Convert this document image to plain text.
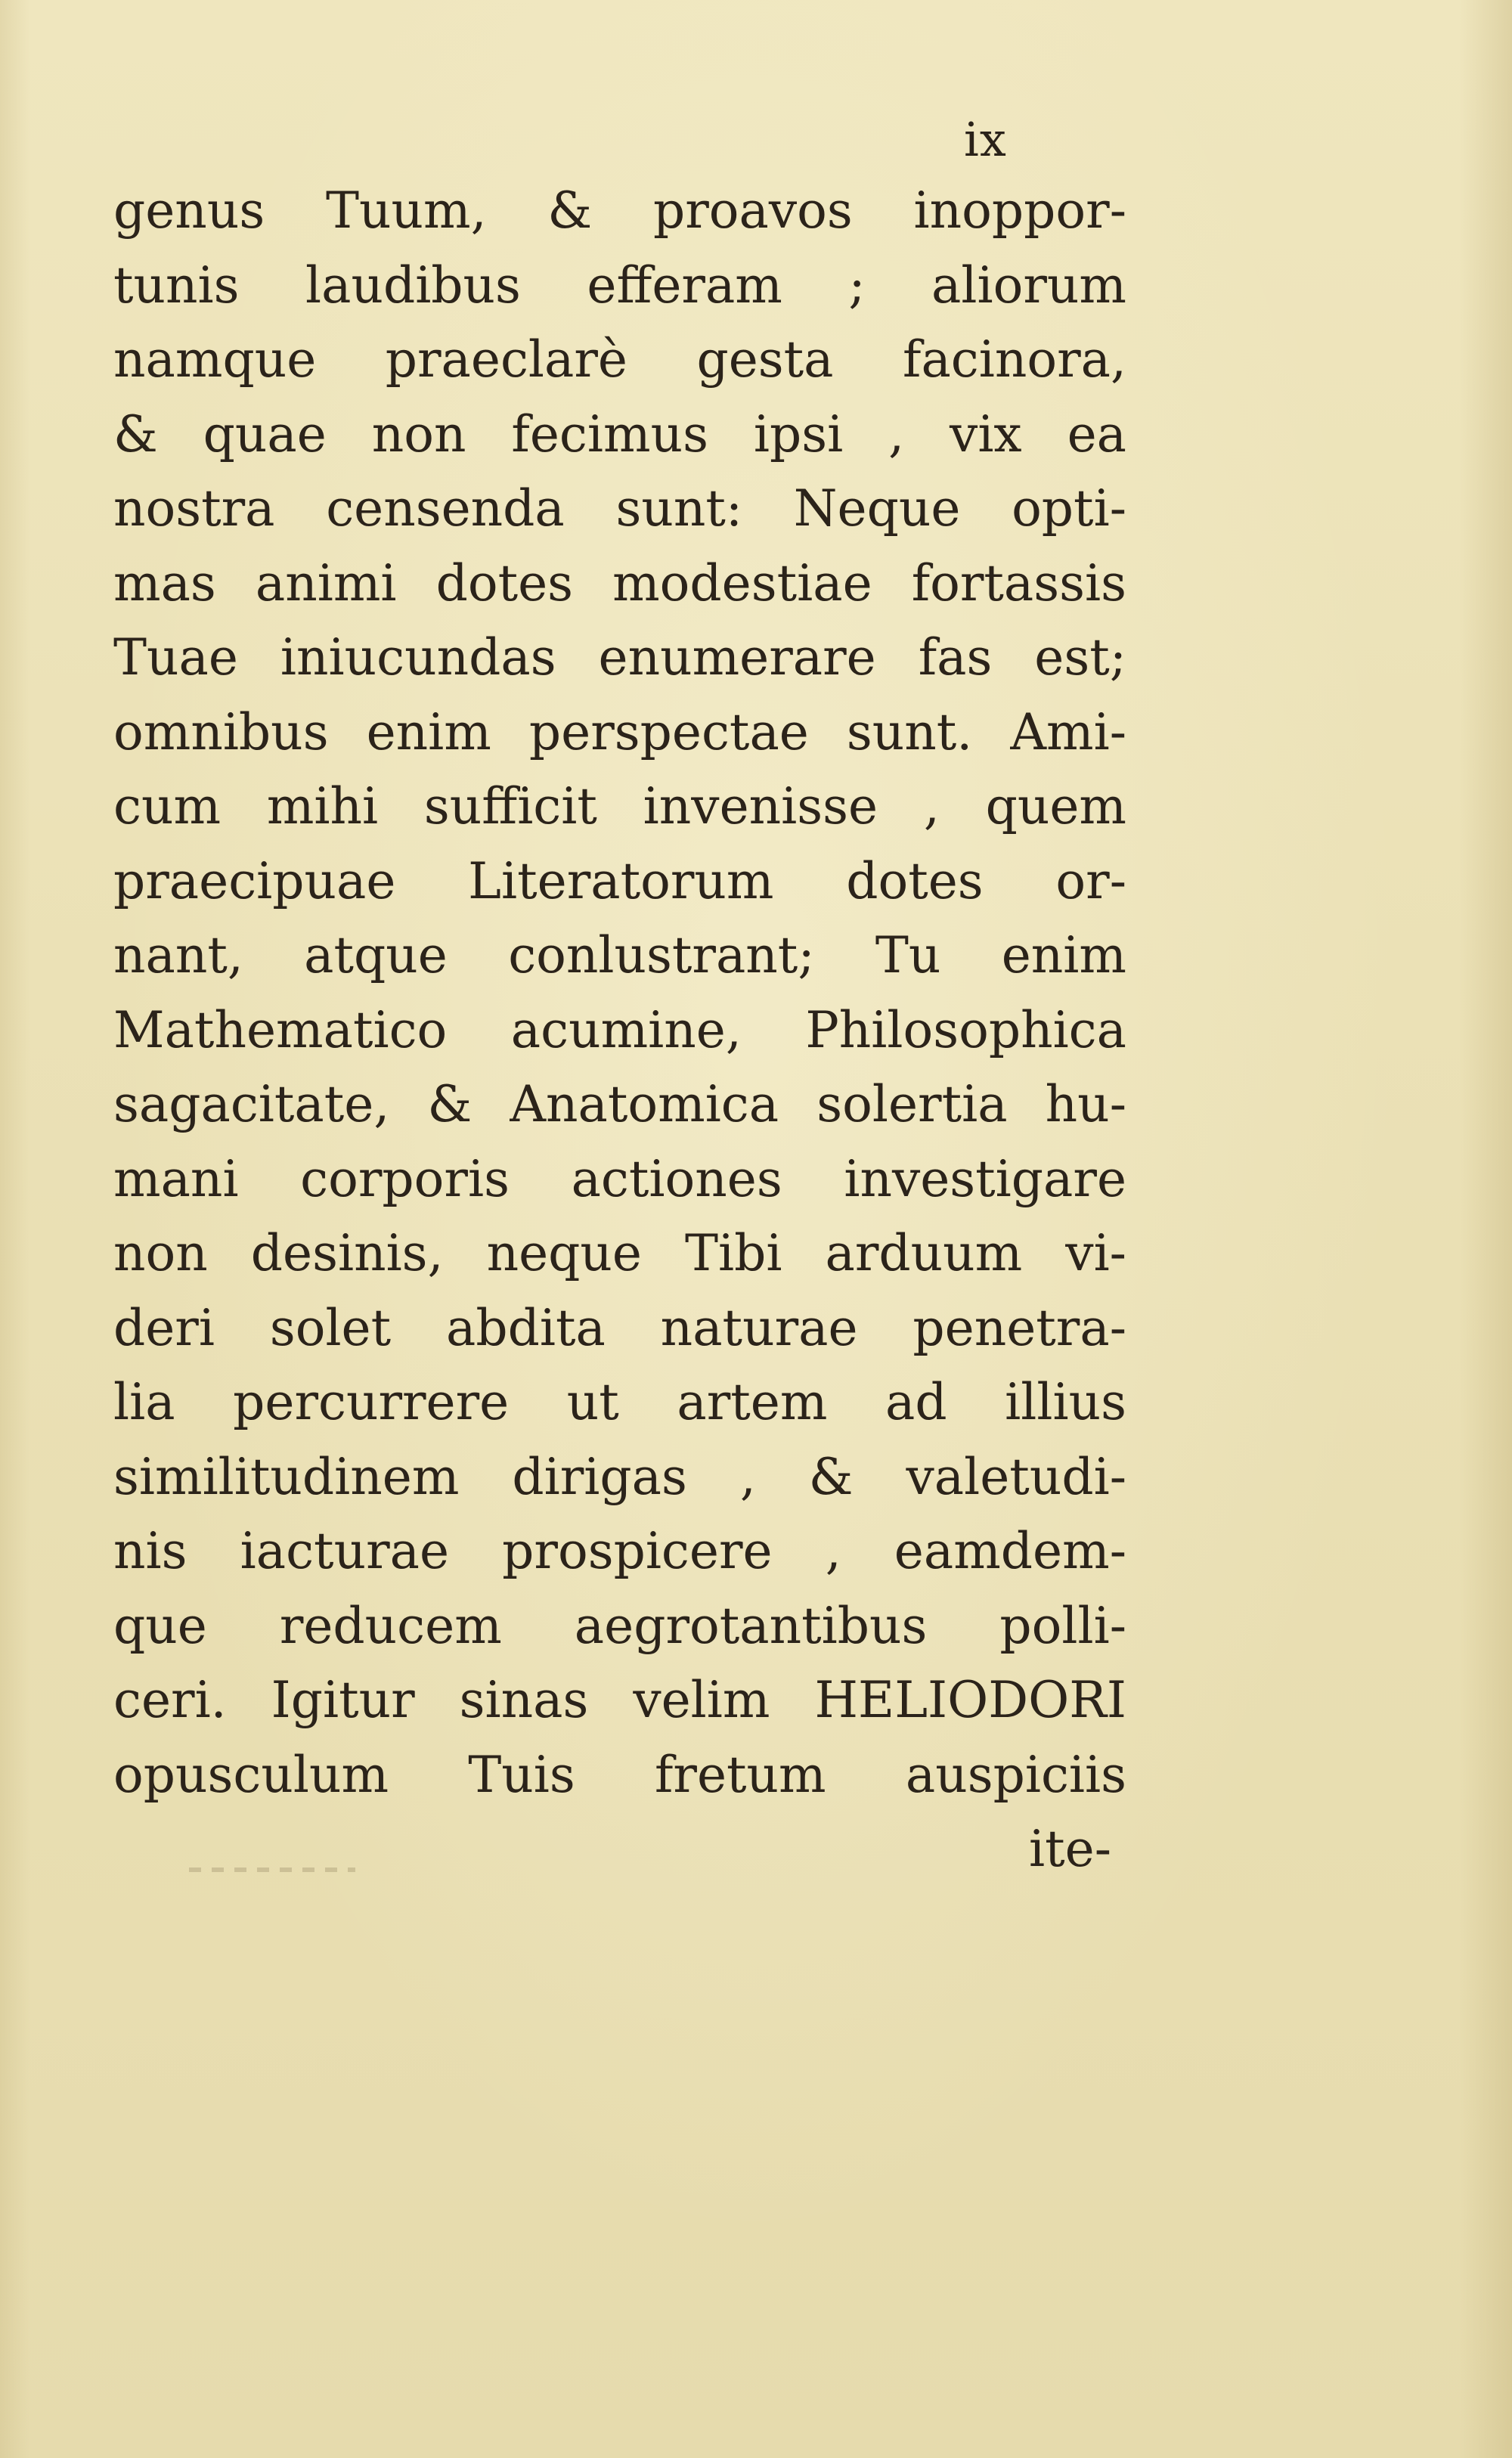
ix
genus Tuum, & proavos inoppor-
tunis laudibus efferam ; aliorum
namque praeclarè gesta facinora,
& quae non fecimus ipsi , vix ea
nostra censenda sunt: Neque opti-
mas animi dotes modestiae fortassis
Tuae iniucundas enumerare fas est;
omnibus enim perspectae sunt. Ami-
cum mihi sufficit invenisse , quem
praecipuae Literatorum dotes or-
nant, atque conlustrant; Tu enim
Mathematico acumine, Philosophica
sagacitate, & Anatomica solertia hu-
mani corporis actiones investigare
non desinis, neque Tibi arduum vi-
deri solet abdita naturae penetra-
lia percurrere ut artem ad illius
similitudinem dirigas , & valetudi-
nis iacturae prospicere , eamdem-
que reducem aegrotantibus polli-
ceri. Igitur sinas velim HELIODORI
opusculum Tuis fretum auspiciis
ite-
